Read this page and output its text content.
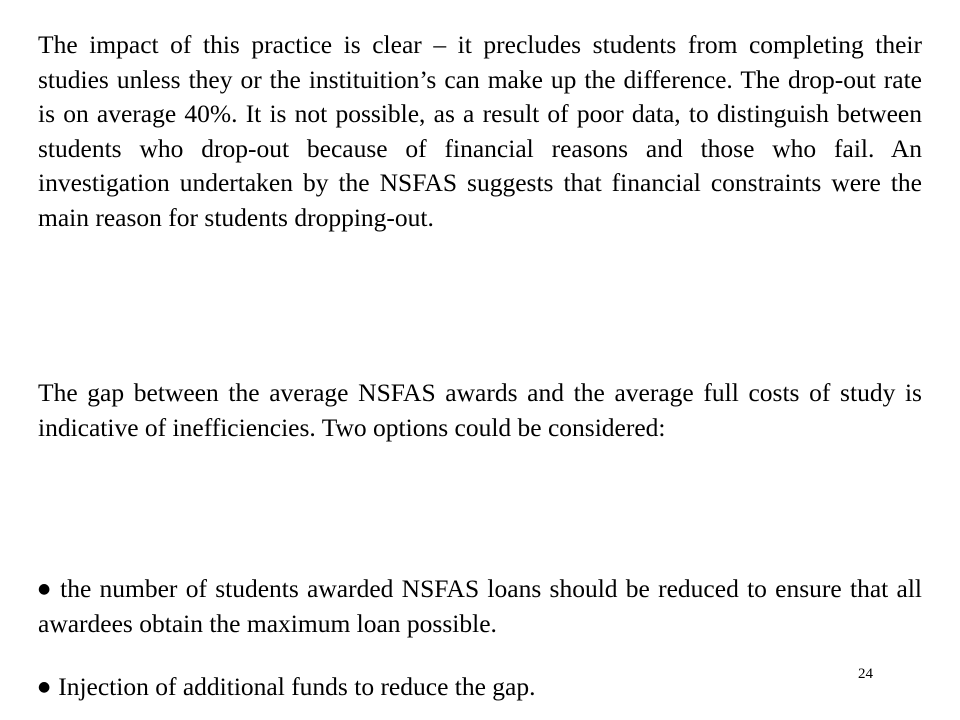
The impact of this practice is clear – it precludes students from completing their studies unless they or the instituition’s can make up the difference. The drop-out rate is on average 40%. It is not possible, as a result of poor data, to distinguish between students who drop-out because of financial reasons and those who fail. An investigation undertaken by the NSFAS suggests that financial constraints were the main reason for students dropping-out.

The gap between the average NSFAS awards and the average full costs of study is indicative of inefficiencies. Two options could be considered:

● the number of students awarded NSFAS loans should be reduced to ensure that all awardees obtain the maximum loan possible.

● Injection of additional funds to reduce the gap.	24
